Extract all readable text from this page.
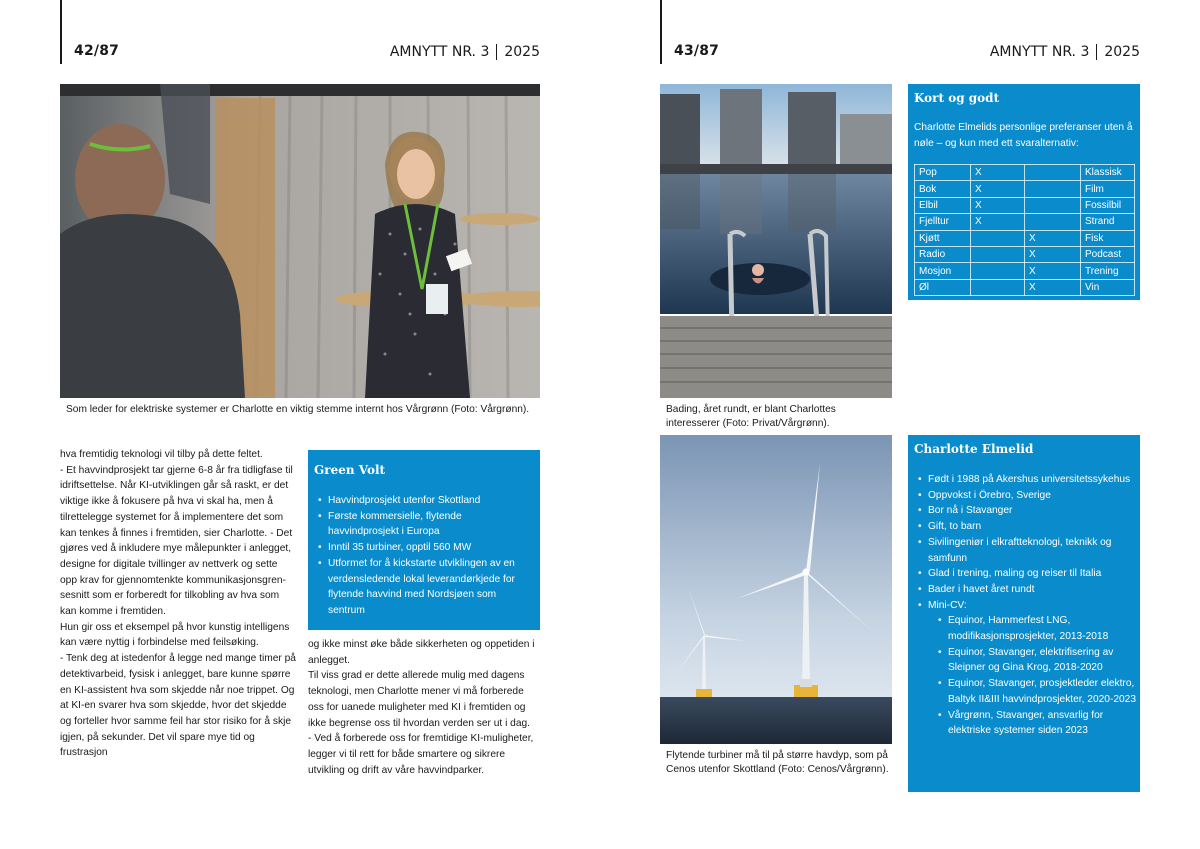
42/87	AMNYTT NR. 3 2025
Som leder for elektriske systemer er Charlotte en viktig stemme internt hos Vårgrønn (Foto: Vårgrønn).

hva fremtidig teknologi vil tilby på dette feltet.

- Et havvindprosjekt tar gjerne 6-8 år fra tidligfase til idriftsettelse. Når KI-utviklingen går så raskt, er det viktige ikke å fokusere på hva vi skal ha, men å tilrettelegge systemet for å implementere det som kan tenkes å finnes i fremtiden, sier Charlotte. - Det gjøres ved å inkludere mye målepunkter i anlegget, designe for digitale tvillinger av nettverk og sette opp krav for gjennomtenkte kommunikasjonsgrensesnitt som er forberedt for tilkobling av hva som kan komme i fremtiden.

Hun gir oss et eksempel på hvor kunstig intelligens kan være nyttig i forbindelse med feilsøking.

- Tenk deg at istedenfor å legge ned mange timer på detektivarbeid, fysisk i anlegget, bare kunne spørre en KI-assistent hva som skjedde når noe trippet. Og at KI-en svarer hva som skjedde, hvor det skjedde og forteller hvor samme feil har stor risiko for å skje igjen, på sekunder. Det vil spare mye tid og frustrasjon

Green Volt
• Havvindprosjekt utenfor Skottland
• Første kommersielle, flytende havvindprosjekt i Europa
• Inntil 35 turbiner, opptil 560 MW
• Utformet for å kickstarte utviklingen av en verdensledende lokal leverandørkjede for flytende havvind med Nordsjøen som sentrum

og ikke minst øke både sikkerheten og oppetiden i anlegget.

Til viss grad er dette allerede mulig med dagens teknologi, men Charlotte mener vi må forberede oss for uanede muligheter med KI i fremtiden og ikke begrense oss til hvordan verden ser ut i dag.

- Ved å forberede oss for fremtidige KI-muligheter, legger vi til rett for både smartere og sikrere utvikling og drift av våre havvindparker.

43/87	AMNYTT NR. 3 2025
Bading, året rundt, er blant Charlottes interesserer (Foto: Privat/Vårgrønn).
Flytende turbiner må til på større havdyp, som på Cenos utenfor Skottland (Foto: Cenos/Vårgrønn).
Kort og godt
Charlotte Elmelids personlige preferanser uten å nøle – og kun med ett svaralternativ:
Pop	X		Klassisk
Bok	X		Film
Elbil	X		Fossilbil
Fjelltur	X		Strand
Kjøtt		X	Fisk
Radio		X	Podcast
Mosjon		X	Trening
Øl		X	Vin
Charlotte Elmelid
• Født i 1988 på Akershus universitetssykehus
• Oppvokst i Örebro, Sverige
• Bor nå i Stavanger
• Gift, to barn
• Sivilingeniør i elkraftteknologi, teknikk og samfunn
• Glad i trening, maling og reiser til Italia
• Bader i havet året rundt
• Mini-CV:
• Equinor, Hammerfest LNG, modifikasjonsprosjekter, 2013-2018
• Equinor, Stavanger, elektrifisering av Sleipner og Gina Krog, 2018-2020
• Equinor, Stavanger, prosjektleder elektro, Baltyk II&III havvindprosjekter, 2020-2023
• Vårgrønn, Stavanger, ansvarlig for elektriske systemer siden 2023
